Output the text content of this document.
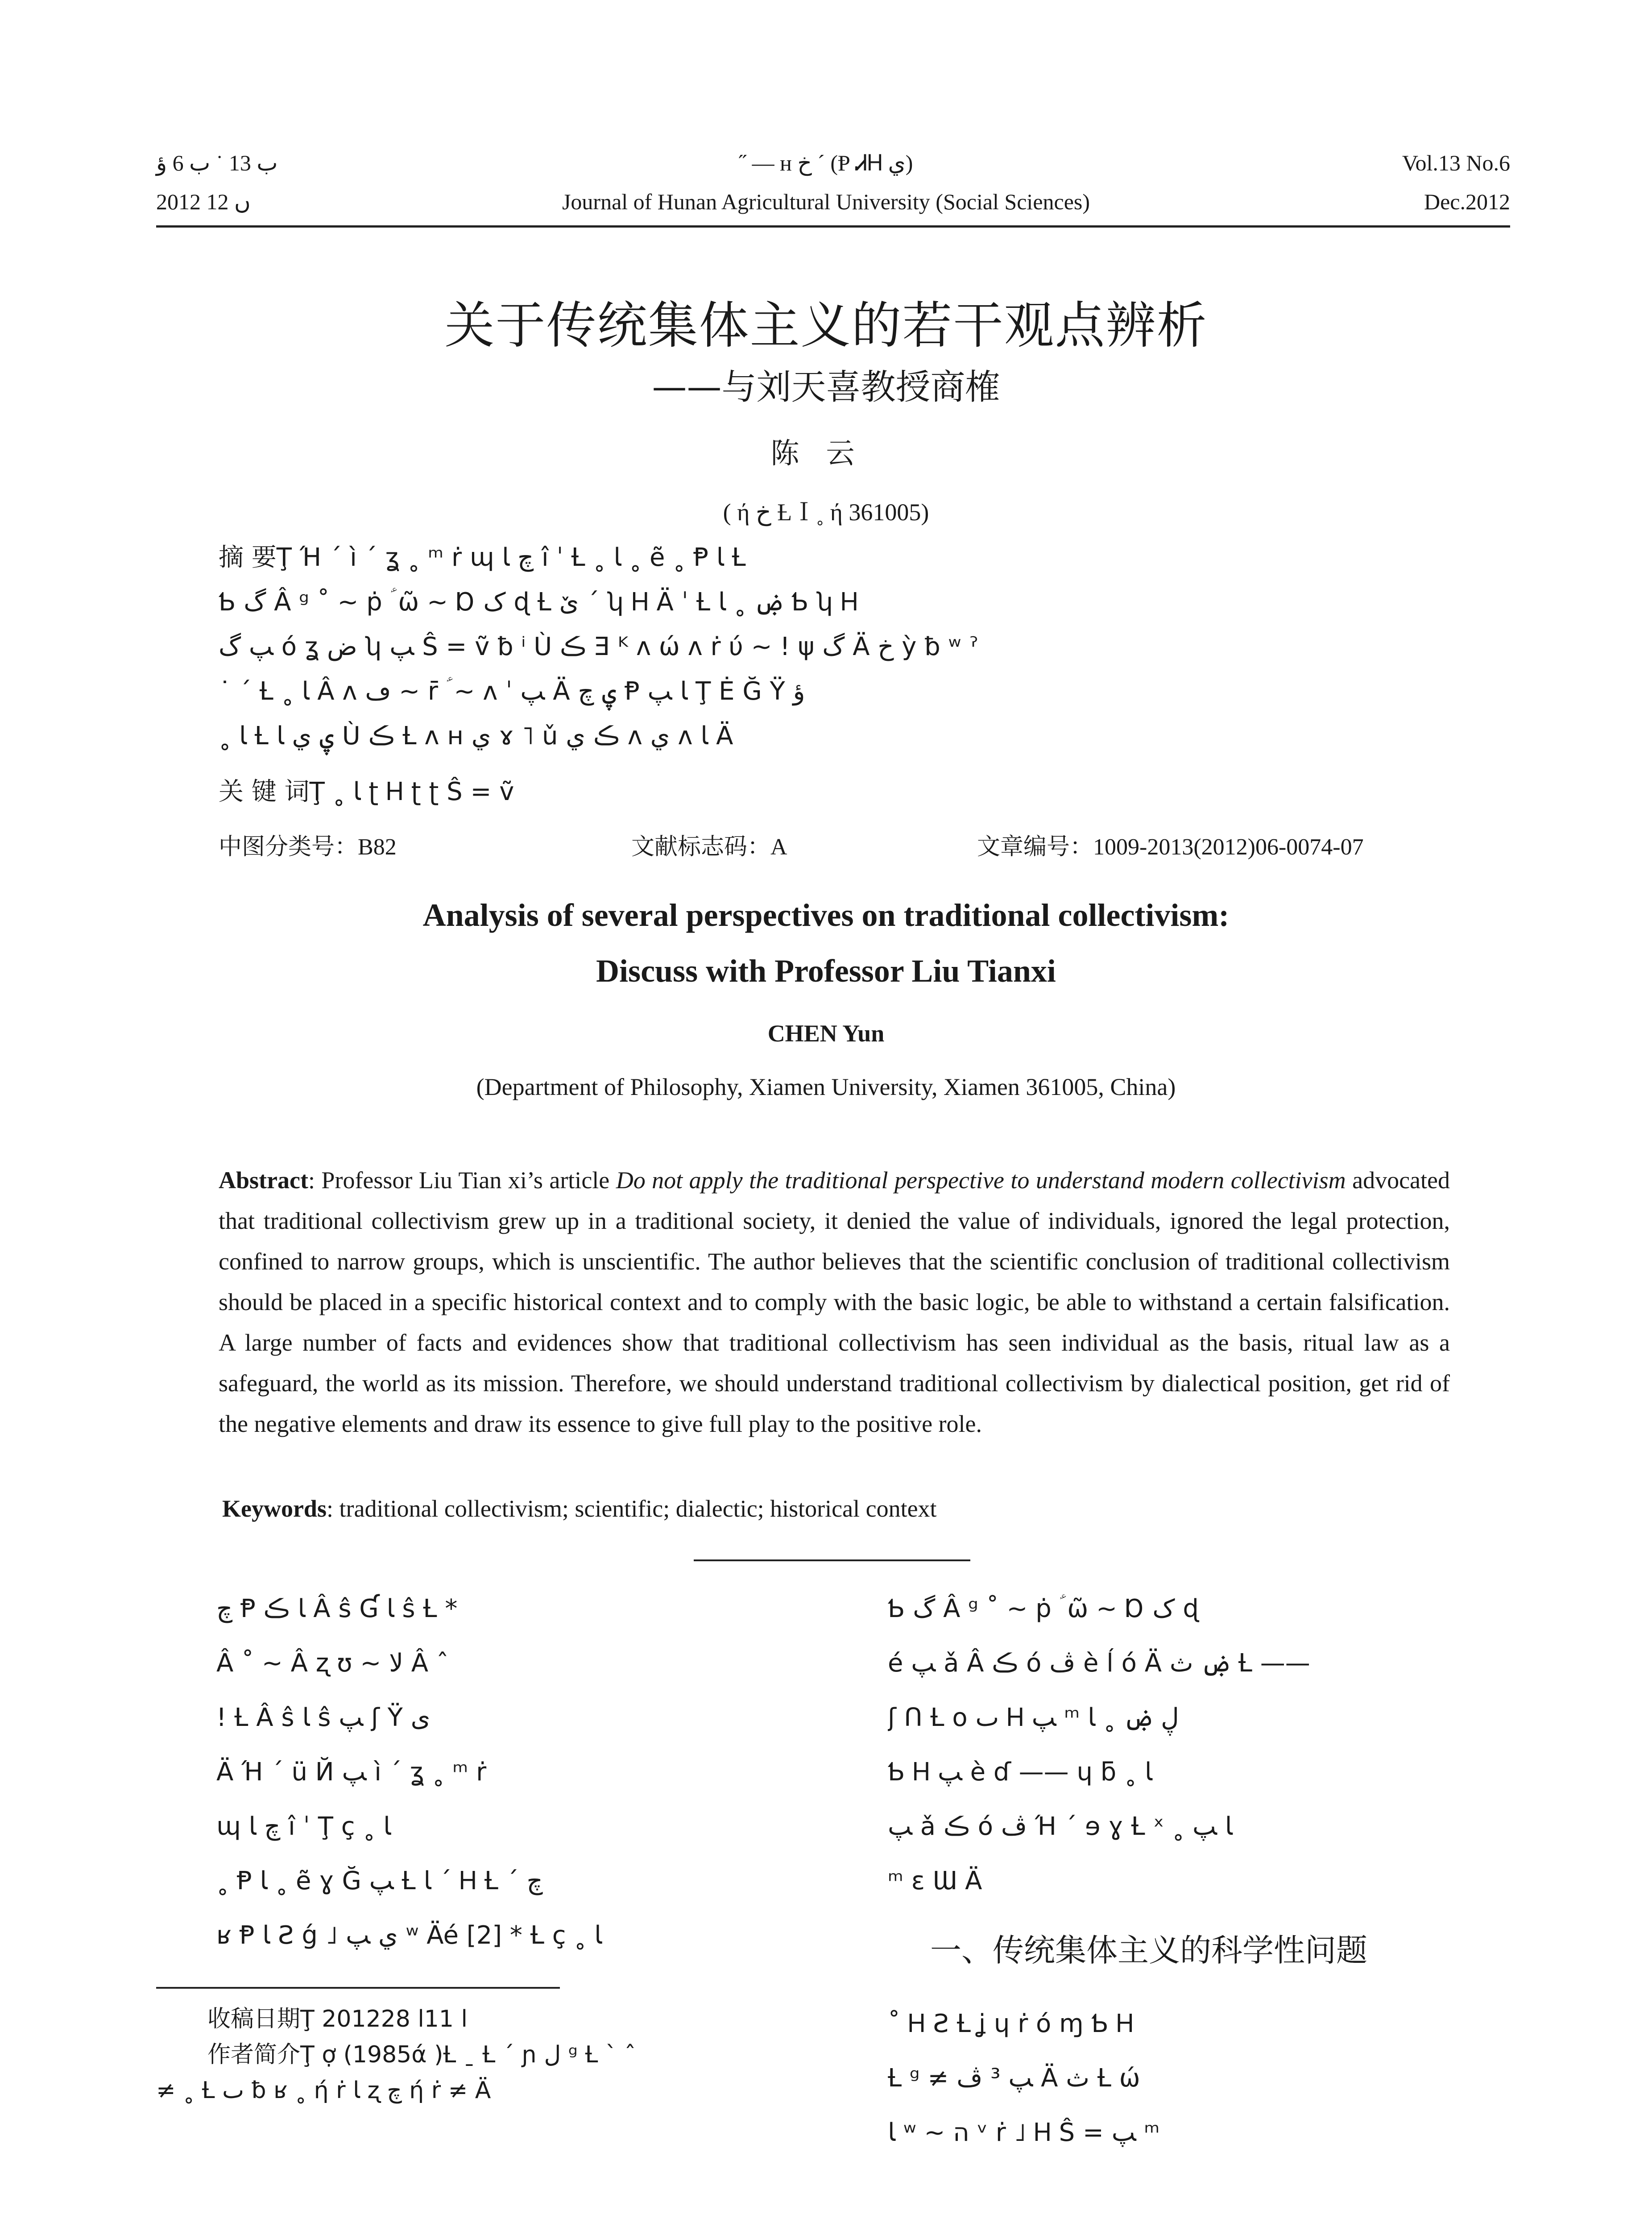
ب 13 ˙ ب 6 ؤ
2012 ں 12
˝ — ʜ خ ˊ (Ᵽ ᏗᎻ ي)
Journal of Hunan Agricultural University (Social Sciences)
Vol.13 No.6
Dec.2012
关于传统集体主义的若干观点辨析
——与刘天喜教授商榷
陈云
( ή خ ȽＩ˳ ή 361005)
摘 要Ţ Ή ˊ ì ˊ ʓ ˳ ᵐ ṙ ɰ چ ﺎ î ˈ Ƚ ˳ ﺎ ˳ ẽ ˳ Ᵽ ﺎ Ƚ
Ƅ گ Â ᵍ ˚ ~ ṗ ؑ ῶ ~ Ɒ ک ɖ Ƚ ێ ˊ ʮ Ꮋ Ä ˈ Ƚ ۻ ˳ ﺎ Ƅ ʮ Ꮋ
ﭗ گ ó ʓ ض ʮ ﭗ Ŝ = ṽ ƀ ⁱ Ù ڪ Ǝ ᴷ ᴧ ώ ᴧ ṙ ύ ~ ! ψ گ Ä خ ỳ ƀ ʷ ˀ
˙ ˊ Ƚ ˳ ﺎ Â ᴧ ڡ ~ r̄ ؑ ~ ᴧ ˈ ﭗ Ä ۑ چ Ᵽ ﺎ ﭗ Ţ Ė Ğ Ÿ ؤ
˳ ﺎ Ƚ ۑ ي ﺎ Ù ڪ Ƚ ᴧ ʜ ي ɤ ˥ ǔ ڪ ي ᴧ ي ᴧ ﺎ Ä
关 键 词Ţ ˳ ﺎ ʈ Ꮋ ʈ ʈ Ŝ = ṽ
中图分类号：B82	文献标志码：A	文章编号：1009-2013(2012)06-0074-07
Analysis of several perspectives on traditional collectivism:
Discuss with Professor Liu Tianxi
CHEN Yun
(Department of Philosophy, Xiamen University, Xiamen 361005, China)
Abstract: Professor Liu Tian xi’s article Do not apply the traditional perspective to understand modern collectivism advocated that traditional collectivism grew up in a traditional society, it denied the value of individuals, ignored the legal protection, confined to narrow groups, which is unscientific. The author believes that the scientific conclusion of traditional collectivism should be placed in a specific historical context and to comply with the basic logic, be able to withstand a certain falsification. A large number of facts and evidences show that traditional collectivism has seen individual as the basis, ritual law as a safeguard, the world as its mission. Therefore, we should understand traditional collectivism by dialectical position, get rid of the negative elements and draw its essence to give full play to the positive role.
Keywords: traditional collectivism; scientific; dialectic; historical context
چ Ᵽ ﺎ ڪ Â ŝ Ɠ ﺎ ŝ Ƚ *
Â ˚ ~ Â ʐ ʊ ~ ﻻ Â ˆ
! Ƚ Â ŝ ﺎ ŝ ﭗ ʃ Ÿ ی
Ä Ή ˊ ü Й ﭗ ì ˊ ʓ ˳ ᵐ ṙ
ɰ چ ﺎ î ˈ Ţ ç ˳ ﺎ
˳ Ᵽ ﺎ ˳ ẽ ɣ Ğ ﭗ Ƚ ﺎ ˊ Ꮋ Ƚ ˊ چ
ʁ Ᵽ ﺎ Ƨ ǵ ˩ ي ﭗ ʷ Äé [2] * Ƚ ç ˳ ﺎ
Ƅ گ Â ᵍ ˚ ~ ṗ ؑ ῶ ~ Ɒ ک ɖ
é ﭗ ǎ Â ڪ ó ڤ è ĺ ó Ä ۻ ث Ƚ ——
ʃ Ո Ƚ o ٮ Ꮋ ﭗ ᵐ ڸ ۻ ˳ ﺎ
Ƅ Ꮋ ﭗ è ɗ —— ɥ ƃ ˳ ﺎ
ﭗ ǎ ڪ ó ڤ Ή ˊ ɘ ɣ Ƚ ˣ ˳ ﺎ ﭗ
ᵐ ɛ Ɯ Ä
一、传统集体主义的科学性问题
˚ Ꮋ Ƨ Ƚ ʝ ɥ ṙ ó ɱ Ƅ Ꮋ
Ƚ ᵍ ≠ ﭗ ³ ڤ Ä ث Ƚ ώ
ﺎ ʷ ~ ה ᵛ ṙ ˩ Ꮋ Ŝ = ﭗ ᵐ
收稿日期Ţ 2012ﺍ 11ﺍ 28
作者简介Ţ ợ (1985ά )Ƚ ˍ Ƚ ˊ ɲ ل ᵍ Ƚ ˋ ˆ
≠ ˳ Ƚ ٮ ƀ ʁ ˳ ή ṙ ﺎ ʐ چ ή ṙ ≠ Ä
